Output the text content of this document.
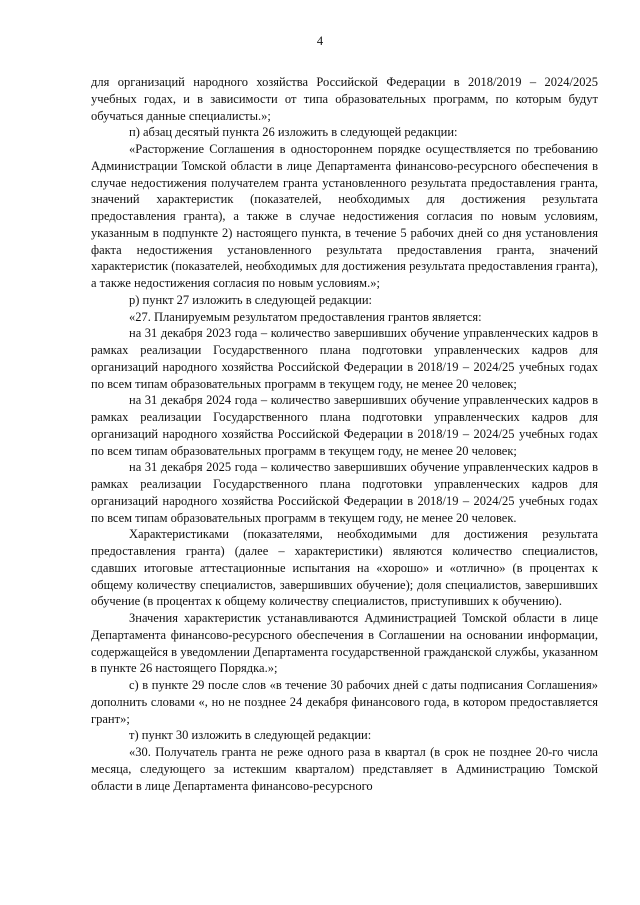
4

для организаций народного хозяйства Российской Федерации в 2018/2019 – 2024/2025 учебных годах, и в зависимости от типа образовательных программ, по которым будут обучаться данные специалисты.»;

п) абзац десятый пункта 26 изложить в следующей редакции:

«Расторжение Соглашения в одностороннем порядке осуществляется по требованию Администрации Томской области в лице Департамента финансово-ресурсного обеспечения в случае недостижения получателем гранта установленного результата предоставления гранта, значений характеристик (показателей, необходимых для достижения результата предоставления гранта), а также в случае недостижения согласия по новым условиям, указанным в подпункте 2) настоящего пункта, в течение 5 рабочих дней со дня установления факта недостижения установленного результата предоставления гранта, значений характеристик (показателей, необходимых для достижения результата предоставления гранта), а также недостижения согласия по новым условиям.»;

р) пункт 27 изложить в следующей редакции:

«27. Планируемым результатом предоставления грантов является:

на 31 декабря 2023 года – количество завершивших обучение управленческих кадров в рамках реализации Государственного плана подготовки управленческих кадров для организаций народного хозяйства Российской Федерации в 2018/19 – 2024/25 учебных годах по всем типам образовательных программ в текущем году, не менее 20 человек;

на 31 декабря 2024 года – количество завершивших обучение управленческих кадров в рамках реализации Государственного плана подготовки управленческих кадров для организаций народного хозяйства Российской Федерации в 2018/19 – 2024/25 учебных годах по всем типам образовательных программ в текущем году, не менее 20 человек;

на 31 декабря 2025 года – количество завершивших обучение управленческих кадров в рамках реализации Государственного плана подготовки управленческих кадров для организаций народного хозяйства Российской Федерации в 2018/19 – 2024/25 учебных годах по всем типам образовательных программ в текущем году, не менее 20 человек.

Характеристиками (показателями, необходимыми для достижения результата предоставления гранта) (далее – характеристики) являются количество специалистов, сдавших итоговые аттестационные испытания на «хорошо» и «отлично» (в процентах к общему количеству специалистов, завершивших обучение); доля специалистов, завершивших обучение (в процентах к общему количеству специалистов, приступивших к обучению).

Значения характеристик устанавливаются Администрацией Томской области в лице Департамента финансово-ресурсного обеспечения в Соглашении на основании информации, содержащейся в уведомлении Департамента государственной гражданской службы, указанном в пункте 26 настоящего Порядка.»;

с) в пункте 29 после слов «в течение 30 рабочих дней с даты подписания Соглашения» дополнить словами «, но не позднее 24 декабря финансового года, в котором предоставляется грант»;

т) пункт 30 изложить в следующей редакции:

«30. Получатель гранта не реже одного раза в квартал (в срок не позднее 20-го числа месяца, следующего за истекшим кварталом) представляет в Администрацию Томской области в лице Департамента финансово-ресурсного
